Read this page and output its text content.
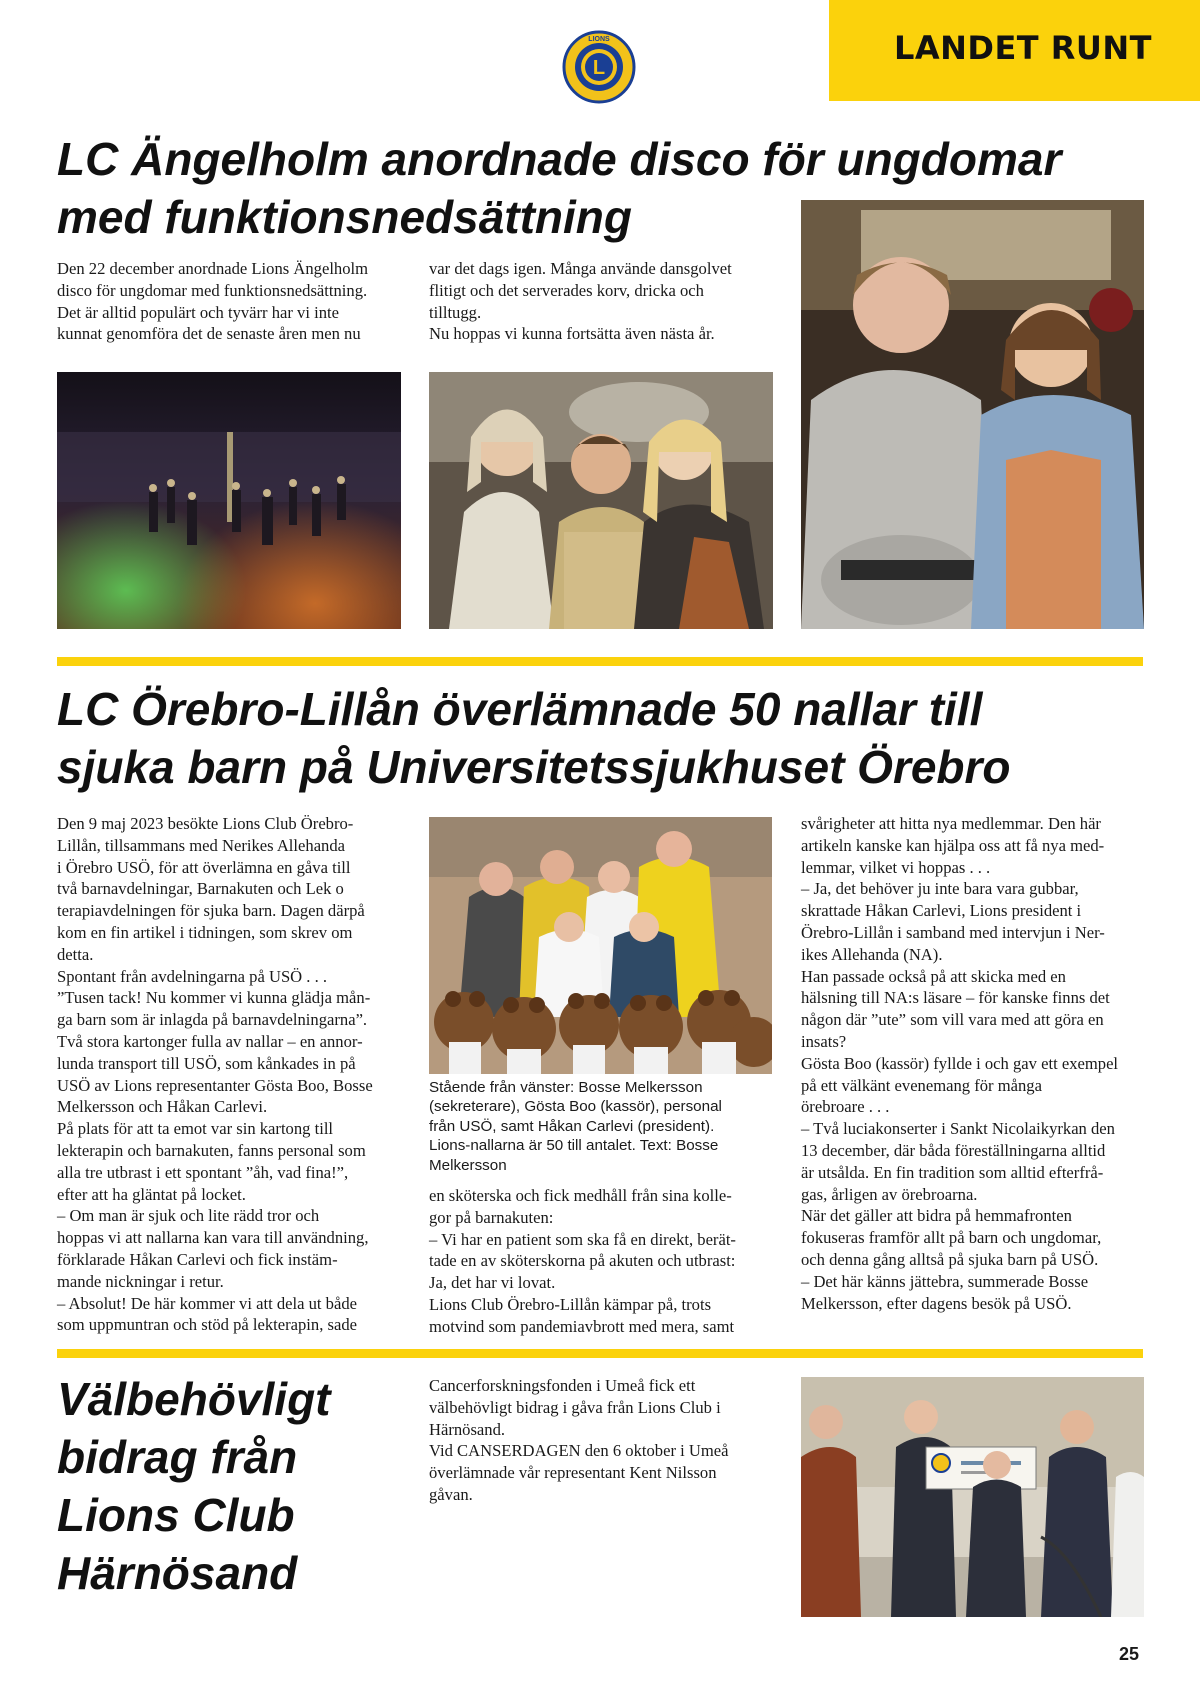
LANDET RUNT
L
LIONS
LC Ängelholm anordnade disco för ungdomar
med funktionsnedsättning

Den 22 december anordnade Lions Ängelholm

disco för ungdomar med funktionsnedsättning.

Det är alltid populärt och tyvärr har vi inte

kunnat genomföra det de senaste åren men nu

var det dags igen. Många använde dansgolvet

flitigt och det serverades korv, dricka och

tilltugg.

Nu hoppas vi kunna fortsätta även nästa år.

LC Örebro-Lillån överlämnade 50 nallar till
sjuka barn på Universitetssjukhuset Örebro

Den 9 maj 2023 besökte Lions Club Örebro-

Lillån, tillsammans med Nerikes Allehanda

i Örebro USÖ, för att överlämna en gåva till

två barnavdelningar, Barnakuten och Lek o

terapiavdelningen för sjuka barn. Dagen därpå

kom en fin artikel i tidningen, som skrev om

detta.

Spontant från avdelningarna på USÖ . . .

”Tusen tack! Nu kommer vi kunna glädja mån-

ga barn som är inlagda på barnavdelningarna”.

Två stora kartonger fulla av nallar – en annor-

lunda transport till USÖ, som kånkades in på

USÖ av Lions representanter Gösta Boo, Bosse

Melkersson och Håkan Carlevi.

På plats för att ta emot var sin kartong till

lekterapin och barnakuten, fanns personal som

alla tre utbrast i ett spontant ”åh, vad fina!”,

efter att ha gläntat på locket.

– Om man är sjuk och lite rädd tror och

hoppas vi att nallarna kan vara till användning,

förklarade Håkan Carlevi och fick instäm-

mande nickningar i retur.

– Absolut! De här kommer vi att dela ut både

som uppmuntran och stöd på lekterapin, sade

Stående från vänster: Bosse Melkersson
(sekreterare), Gösta Boo (kassör), personal
från USÖ, samt Håkan Carlevi (president).
Lions-nallarna är 50 till antalet. Text: Bosse
Melkersson

en sköterska och fick medhåll från sina kolle-

gor på barnakuten:

– Vi har en patient som ska få en direkt, berät-

tade en av sköterskorna på akuten och utbrast:

Ja, det har vi lovat.

Lions Club Örebro-Lillån kämpar på, trots

motvind som pandemiavbrott med mera, samt

svårigheter att hitta nya medlemmar. Den här

artikeln kanske kan hjälpa oss att få nya med-

lemmar, vilket vi hoppas . . .

– Ja, det behöver ju inte bara vara gubbar,

skrattade Håkan Carlevi, Lions president i

Örebro-Lillån i samband med intervjun i Ner-

ikes Allehanda (NA).

Han passade också på att skicka med en

hälsning till NA:s läsare – för kanske finns det

någon där ”ute” som vill vara med att göra en

insats?

Gösta Boo (kassör) fyllde i och gav ett exempel

på ett välkänt evenemang för många

örebroare . . .

– Två luciakonserter i Sankt Nicolaikyrkan den

13 december, där båda föreställningarna alltid

är utsålda. En fin tradition som alltid efterfrå-

gas, årligen av örebroarna.

När det gäller att bidra på hemmafronten

fokuseras framför allt på barn och ungdomar,

och denna gång alltså på sjuka barn på USÖ.

– Det här känns jättebra, summerade Bosse

Melkersson, efter dagens besök på USÖ.

Välbehövligt
bidrag från
Lions Club
Härnösand

Cancerforskningsfonden i Umeå fick ett

välbehövligt bidrag i gåva från Lions Club i

Härnösand.

Vid CANSERDAGEN den 6 oktober i Umeå

överlämnade vår representant Kent Nilsson

gåvan.

25
